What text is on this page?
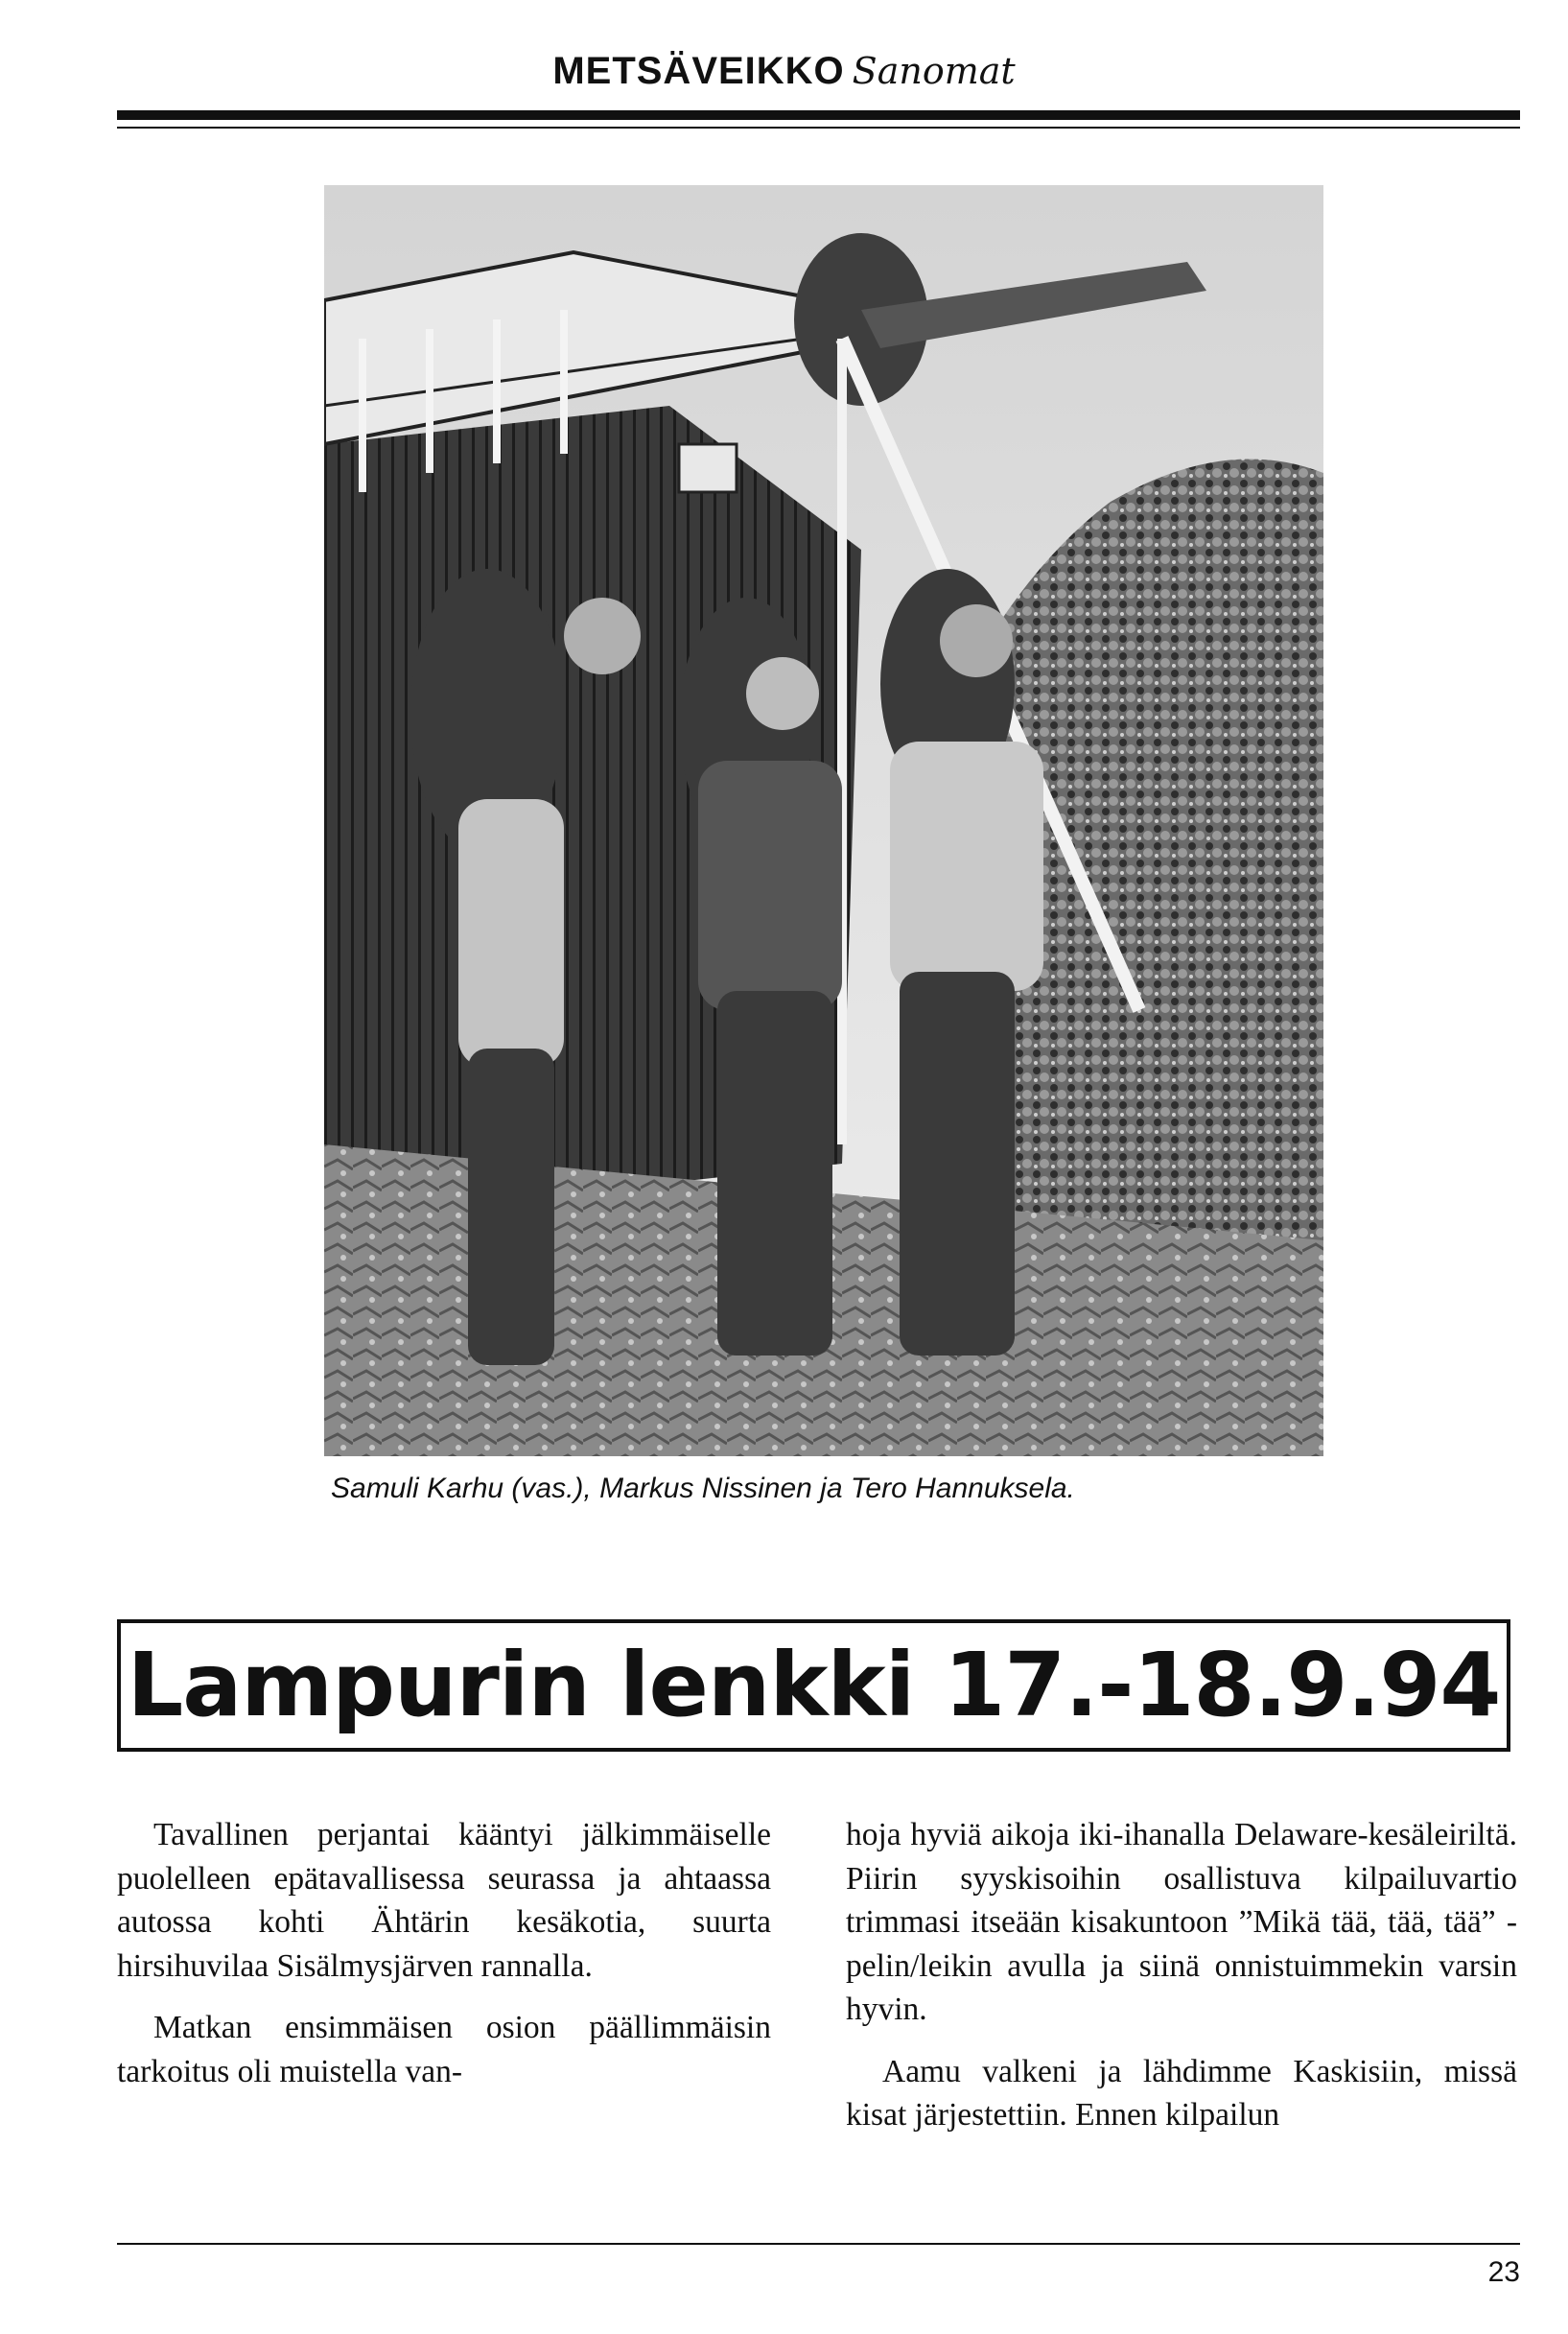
METSÄVEIKKO Sanomat
Samuli Karhu (vas.), Markus Nissinen ja Tero Hannuksela.
Lampurin lenkki 17.-18.9.94

Tavallinen perjantai kääntyi jälkimmäiselle puolelleen epätavallisessa seurassa ja ahtaassa autossa kohti Ähtärin kesäkotia, suurta hirsihuvilaa Sisälmysjärven rannalla.

Matkan ensimmäisen osion päällimmäisin tarkoitus oli muistella van-

hoja hyviä aikoja iki-ihanalla Delaware-kesäleiriltä. Piirin syyskisoihin osallistuva kilpailuvartio trimmasi itseään kisakuntoon ”Mikä tää, tää, tää” -pelin/leikin avulla ja siinä onnistuimmekin varsin hyvin.

Aamu valkeni ja lähdimme Kaskisiin, missä kisat järjestettiin. Ennen kilpailun

23
